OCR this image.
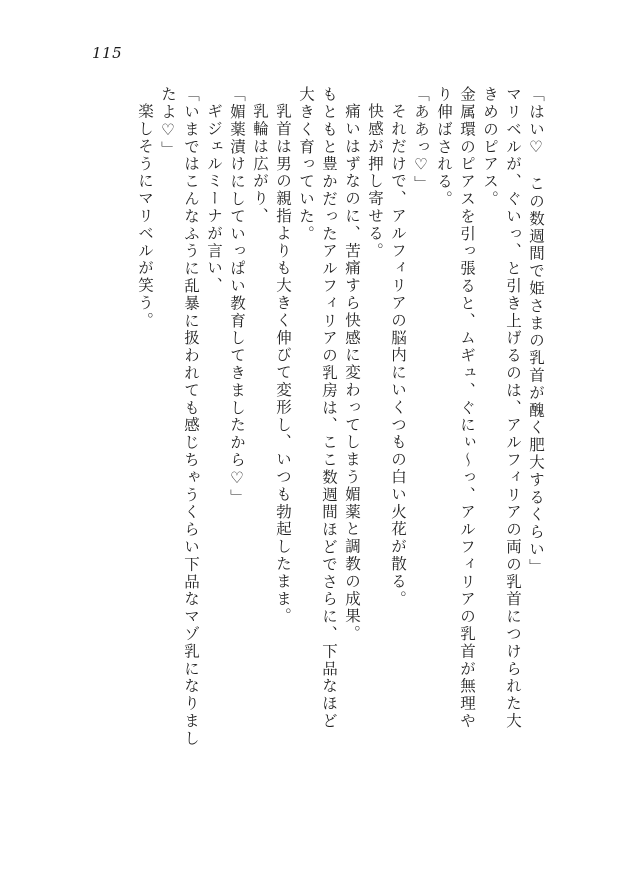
115
「はい♡　この数週間で姫さまの乳首が醜く肥大するくらい」
マリベルが、ぐいっ、と引き上げるのは、アルフィリアの両の乳首につけられた大
きめのピアス。
金属環のピアスを引っ張ると、ムギュ、ぐにぃ～っ、アルフィリアの乳首が無理や
り伸ばされる。
「ああっ♡」
それだけで、アルフィリアの脳内にいくつもの白い火花が散る。
快感が押し寄せる。
痛いはずなのに、苦痛すら快感に変わってしまう媚薬と調教の成果。
もともと豊かだったアルフィリアの乳房は、ここ数週間ほどでさらに、下品なほど
大きく育っていた。
乳首は男の親指よりも大きく伸びて変形し、いつも勃起したまま。
乳輪は広がり、
「媚薬漬けにしていっぱい教育してきましたから♡」
ギジェルミーナが言い、
「いまではこんなふうに乱暴に扱われても感じちゃうくらい下品なマゾ乳になりまし
たよ♡」
楽しそうにマリベルが笑う。
